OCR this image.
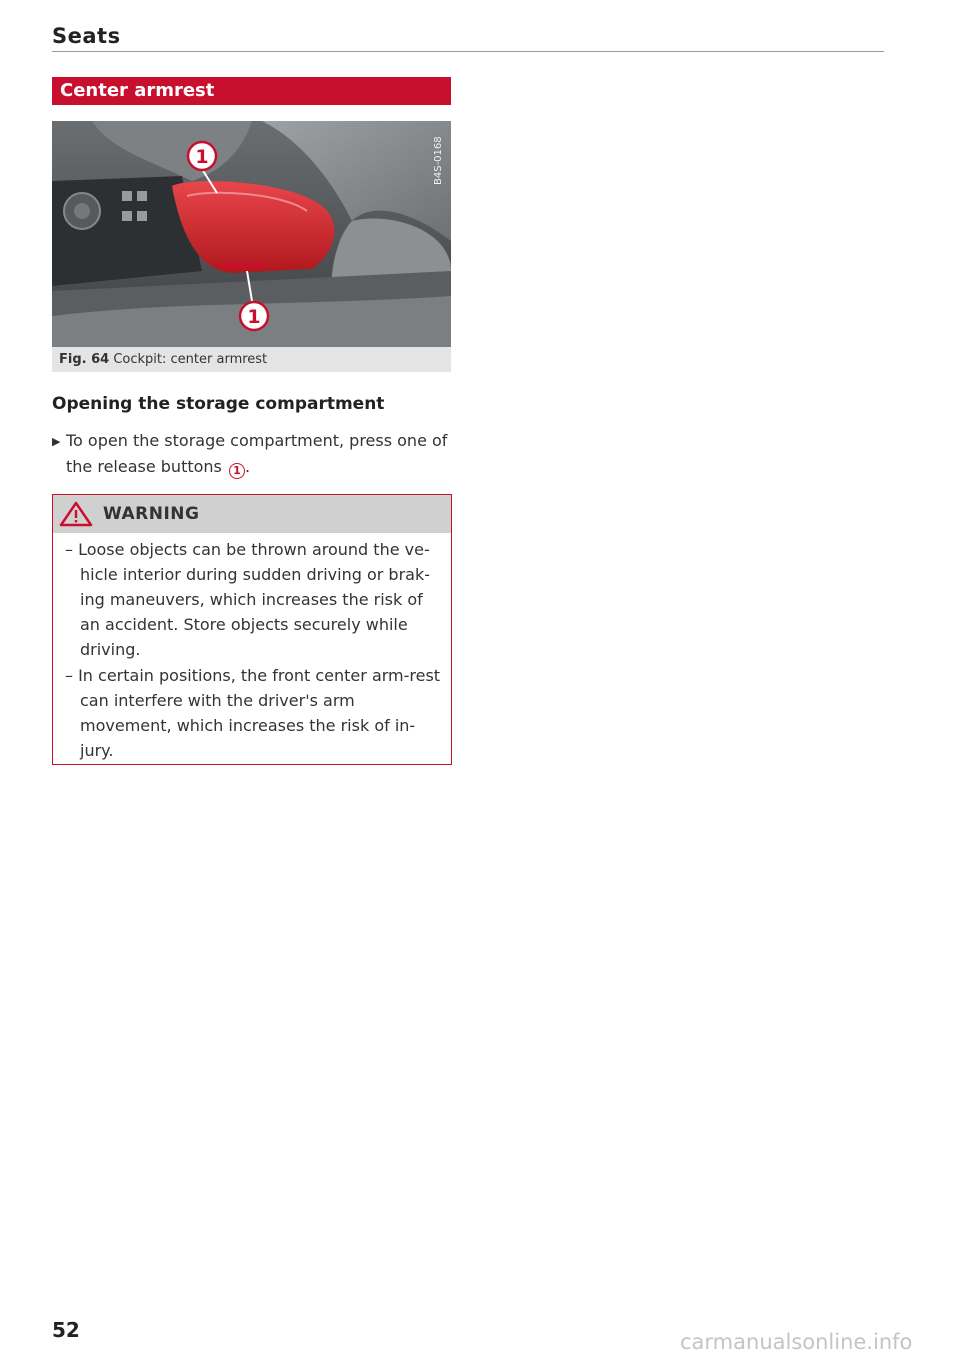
Seats
Center armrest
1
1
B4S-0168
Fig. 64 Cockpit: center armrest
Opening the storage compartment
▶ To open the storage compartment, press one of
the release buttons 1 .
WARNING
– Loose objects can be thrown around the ve-hicle interior during sudden driving or brak-ing maneuvers, which increases the risk of an accident. Store objects securely while driving.
– In certain positions, the front center arm-rest can interfere with the driver's arm movement, which increases the risk of in-jury.
52	carmanualsonline.info
